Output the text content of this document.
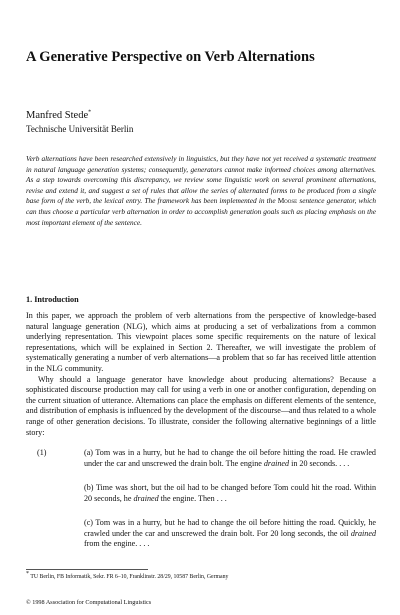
A Generative Perspective on Verb Alternations
Manfred Stede*
Technische Universität Berlin
Verb alternations have been researched extensively in linguistics, but they have not yet received a systematic treatment in natural language generation systems; consequently, generators cannot make informed choices among alternatives. As a step towards overcoming this discrepancy, we review some linguistic work on several prominent alternations, revise and extend it, and suggest a set of rules that allow the series of alternated forms to be produced from a single base form of the verb, the lexical entry. The framework has been implemented in the Moose sentence generator, which can thus choose a particular verb alternation in order to accomplish generation goals such as placing emphasis on the most important element of the sentence.
1. Introduction

In this paper, we approach the problem of verb alternations from the perspective of knowledge-based natural language generation (NLG), which aims at producing a set of verbalizations from a common underlying representation. This viewpoint places some specific requirements on the nature of lexical representations, which will be explained in Section 2. Thereafter, we will investigate the problem of systematically generating a number of verb alternations—a problem that so far has received little attention in the NLG community.

Why should a language generator have knowledge about producing alternations? Because a sophisticated discourse production may call for using a verb in one or another configuration, depending on the current situation of utterance. Alternations can place the emphasis on different elements of the sentence, and distribution of emphasis is influenced by the development of the discourse—and thus related to a whole range of other generation decisions. To illustrate, consider the following alternative beginnings of a little story:

(1)	(a) Tom was in a hurry, but he had to change the oil before hitting the road. He crawled under the car and unscrewed the drain bolt. The engine drained in 20 seconds. . . .
(b) Time was short, but the oil had to be changed before Tom could hit the road. Within 20 seconds, he drained the engine. Then . . .
(c) Tom was in a hurry, but he had to change the oil before hitting the road. Quickly, he crawled under the car and unscrewed the drain bolt. For 20 long seconds, the oil drained from the engine. . . .
* TU Berlin, FB Informatik, Sekr. FR 6–10, Franklinstr. 28/29, 10587 Berlin, Germany
© 1998 Association for Computational Linguistics
